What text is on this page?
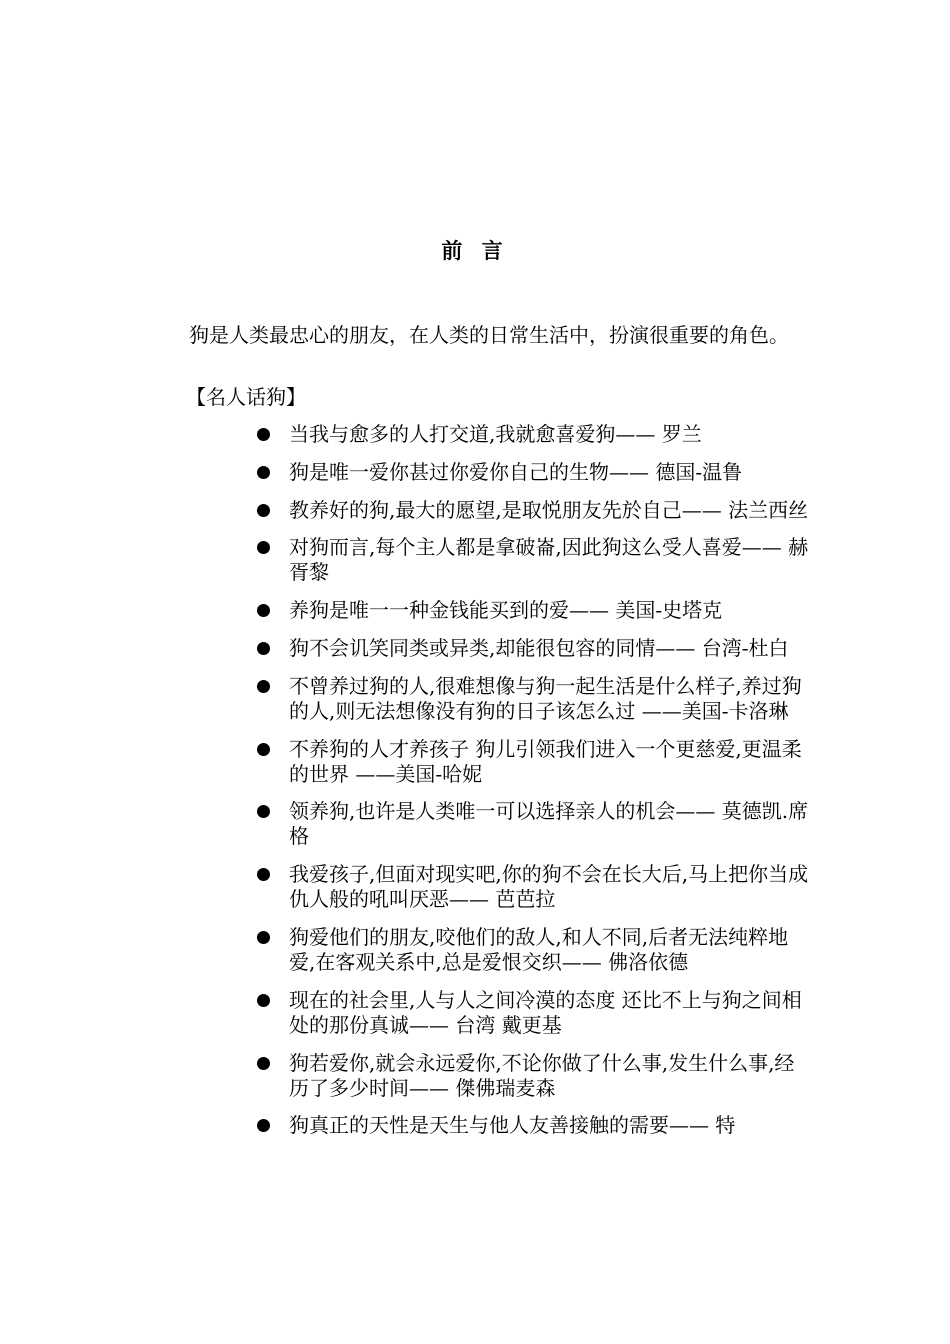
前 言

狗是人类最忠心的朋友，在人类的日常生活中，扮演很重要的角色。

【名人话狗】
当我与愈多的人打交道,我就愈喜爱狗—— 罗兰
狗是唯一爱你甚过你爱你自己的生物—— 德国-温鲁
教养好的狗,最大的愿望,是取悦朋友先於自己—— 法兰西丝
对狗而言,每个主人都是拿破崙,因此狗这么受人喜爱—— 赫胥黎
养狗是唯一一种金钱能买到的爱—— 美国-史塔克
狗不会讥笑同类或异类,却能很包容的同情—— 台湾-杜白
不曾养过狗的人,很难想像与狗一起生活是什么样子,养过狗的人,则无法想像没有狗的日子该怎么过 ——美国-卡洛琳
不养狗的人才养孩子 狗儿引领我们进入一个更慈爱,更温柔的世界 ——美国-哈妮
领养狗,也许是人类唯一可以选择亲人的机会—— 莫德凯.席格
我爱孩子,但面对现实吧,你的狗不会在长大后,马上把你当成仇人般的吼叫厌恶—— 芭芭拉
狗爱他们的朋友,咬他们的敌人,和人不同,后者无法纯粹地爱,在客观关系中,总是爱恨交织—— 佛洛依德
现在的社会里,人与人之间冷漠的态度 还比不上与狗之间相处的那份真诚—— 台湾 戴更基
狗若爱你,就会永远爱你,不论你做了什么事,发生什么事,经历了多少时间—— 傑佛瑞麦森
狗真正的天性是天生与他人友善接触的需要—— 特
